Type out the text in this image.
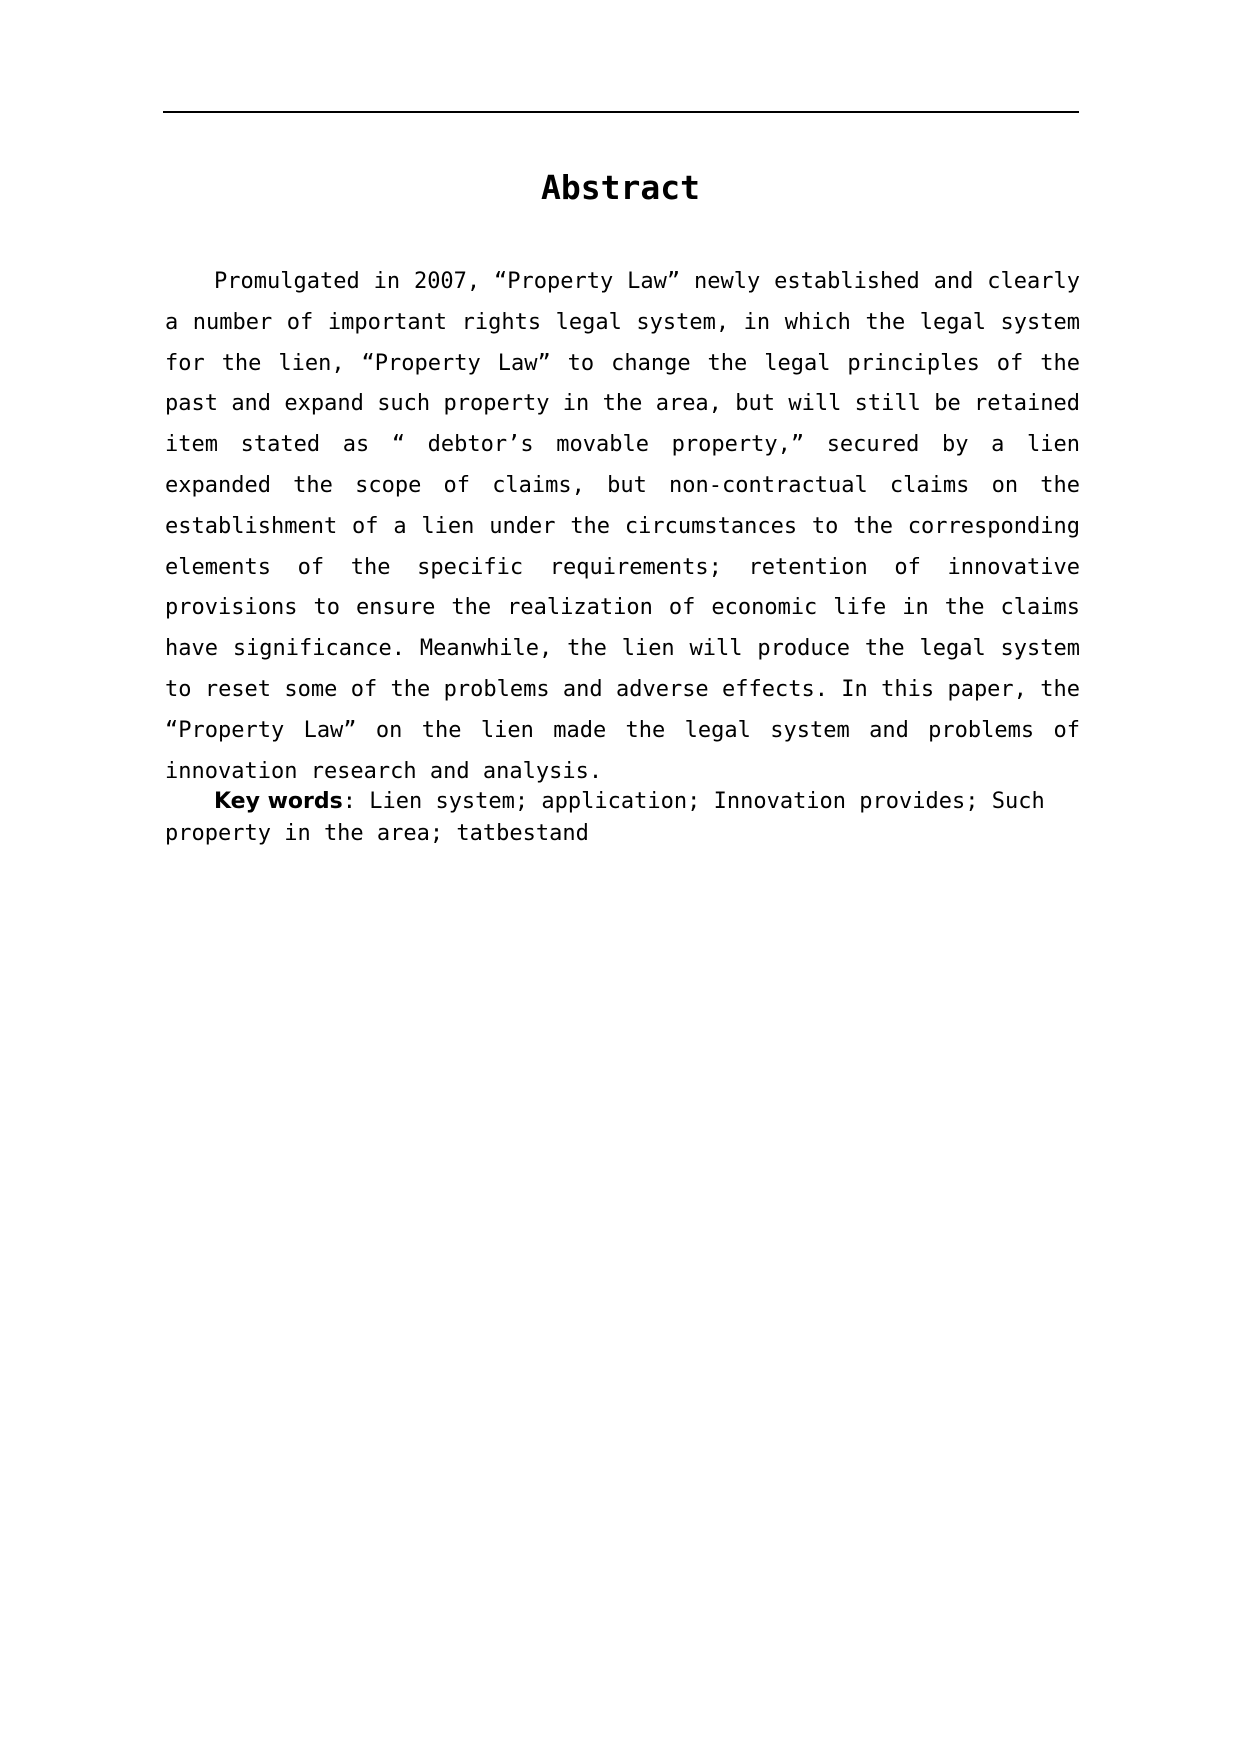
Abstract

Promulgated in 2007, “Property Law” newly established and clearly a number of important rights legal system, in which the legal system for the lien, “Property Law” to change the legal principles of the past and expand such property in the area, but will still be retained item stated as “ debtor’s movable property,” secured by a lien expanded the scope of claims, but non-contractual claims on the establishment of a lien under the circumstances to the corresponding elements of the specific requirements; retention of innovative provisions to ensure the realization of economic life in the claims have significance. Meanwhile, the lien will produce the legal system to reset some of the problems and adverse effects. In this paper, the “Property Law” on the lien made the legal system and problems of innovation research and analysis.

Key words: Lien system; application; Innovation provides; Such property in the area; tatbestand
